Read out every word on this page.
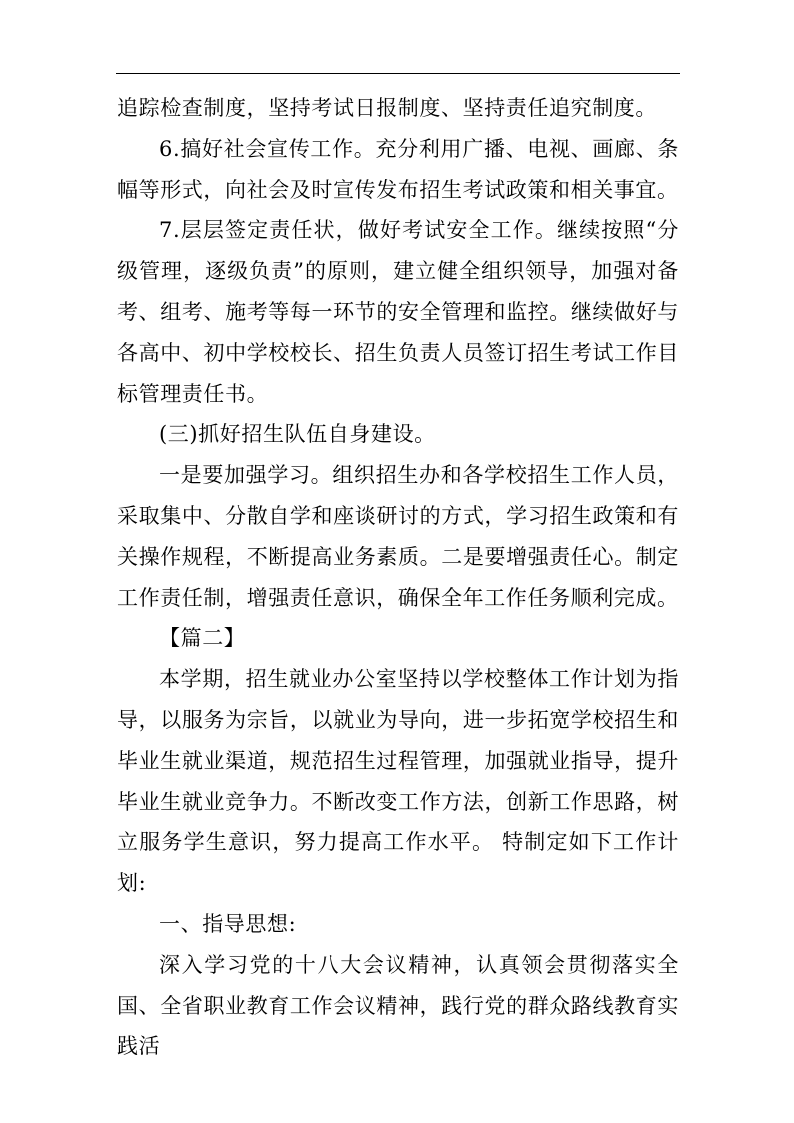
追踪检查制度，坚持考试日报制度、坚持责任追究制度。

6.搞好社会宣传工作。充分利用广播、电视、画廊、条幅等形式，向社会及时宣传发布招生考试政策和相关事宜。

7.层层签定责任状，做好考试安全工作。继续按照“分级管理，逐级负责”的原则，建立健全组织领导，加强对备考、组考、施考等每一环节的安全管理和监控。继续做好与各高中、初中学校校长、招生负责人员签订招生考试工作目标管理责任书。

(三)抓好招生队伍自身建设。

一是要加强学习。组织招生办和各学校招生工作人员，采取集中、分散自学和座谈研讨的方式，学习招生政策和有关操作规程，不断提高业务素质。二是要增强责任心。制定工作责任制，增强责任意识，确保全年工作任务顺利完成。

【篇二】

本学期，招生就业办公室坚持以学校整体工作计划为指导，以服务为宗旨，以就业为导向，进一步拓宽学校招生和毕业生就业渠道，规范招生过程管理，加强就业指导，提升毕业生就业竞争力。不断改变工作方法，创新工作思路，树立服务学生意识，努力提高工作水平。 特制定如下工作计划:

一、指导思想:

深入学习党的十八大会议精神，认真领会贯彻落实全国、全省职业教育工作会议精神，践行党的群众路线教育实践活
